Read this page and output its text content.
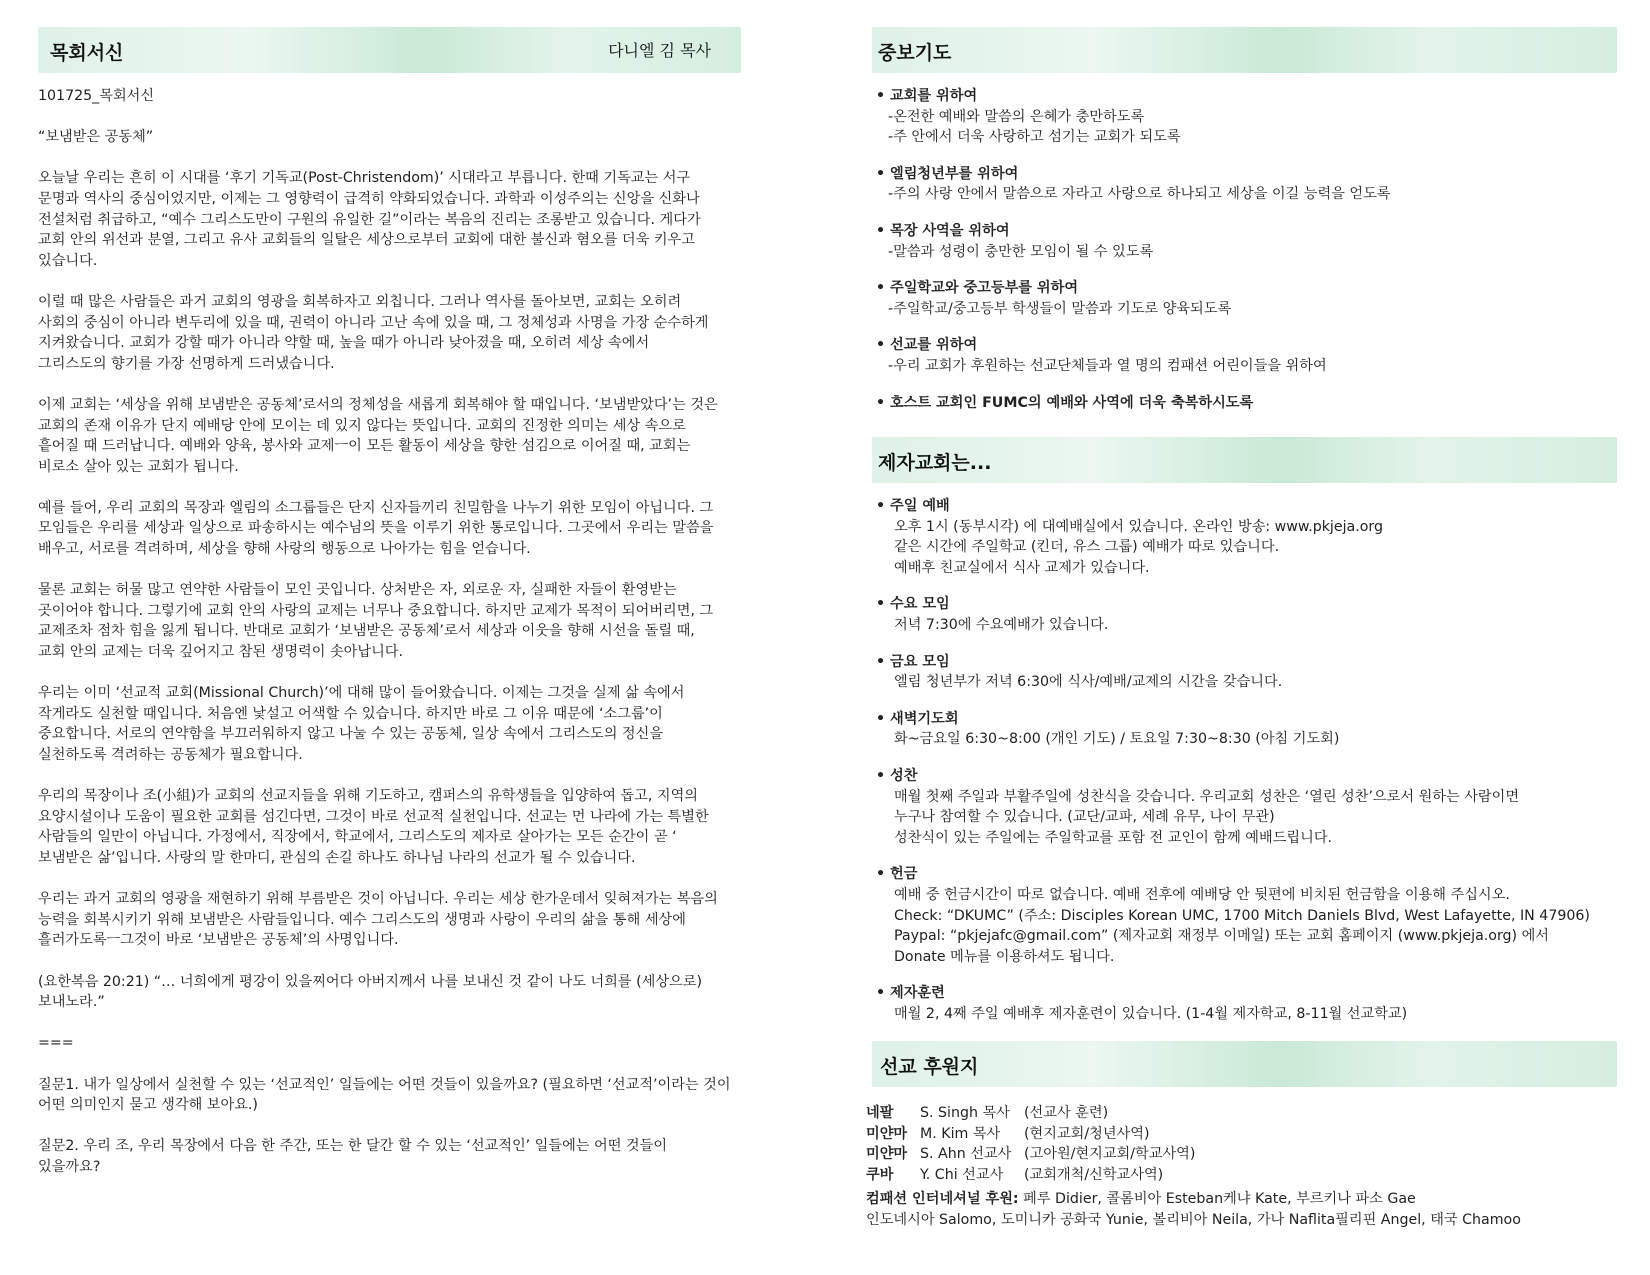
목회서신	다니엘 김 목사

101725_목회서신

“보냄받은 공동체”

오늘날 우리는 흔히 이 시대를 ‘후기 기독교(Post-Christendom)’ 시대라고 부릅니다. 한때 기독교는 서구
문명과 역사의 중심이었지만, 이제는 그 영향력이 급격히 약화되었습니다. 과학과 이성주의는 신앙을 신화나
전설처럼 취급하고, “예수 그리스도만이 구원의 유일한 길”이라는 복음의 진리는 조롱받고 있습니다. 게다가
교회 안의 위선과 분열, 그리고 유사 교회들의 일탈은 세상으로부터 교회에 대한 불신과 혐오를 더욱 키우고
있습니다.

이럴 때 많은 사람들은 과거 교회의 영광을 회복하자고 외칩니다. 그러나 역사를 돌아보면, 교회는 오히려
사회의 중심이 아니라 변두리에 있을 때, 권력이 아니라 고난 속에 있을 때, 그 정체성과 사명을 가장 순수하게
지켜왔습니다. 교회가 강할 때가 아니라 약할 때, 높을 때가 아니라 낮아졌을 때, 오히려 세상 속에서
그리스도의 향기를 가장 선명하게 드러냈습니다.

이제 교회는 ‘세상을 위해 보냄받은 공동체’로서의 정체성을 새롭게 회복해야 할 때입니다. ‘보냄받았다’는 것은
교회의 존재 이유가 단지 예배당 안에 모이는 데 있지 않다는 뜻입니다. 교회의 진정한 의미는 세상 속으로
흩어질 때 드러납니다. 예배와 양육, 봉사와 교제ㅡ이 모든 활동이 세상을 향한 섬김으로 이어질 때, 교회는
비로소 살아 있는 교회가 됩니다.

예를 들어, 우리 교회의 목장과 엘림의 소그룹들은 단지 신자들끼리 친밀함을 나누기 위한 모임이 아닙니다. 그
모임들은 우리를 세상과 일상으로 파송하시는 예수님의 뜻을 이루기 위한 통로입니다. 그곳에서 우리는 말씀을
배우고, 서로를 격려하며, 세상을 향해 사랑의 행동으로 나아가는 힘을 얻습니다.

물론 교회는 허물 많고 연약한 사람들이 모인 곳입니다. 상처받은 자, 외로운 자, 실패한 자들이 환영받는
곳이어야 합니다. 그렇기에 교회 안의 사랑의 교제는 너무나 중요합니다. 하지만 교제가 목적이 되어버리면, 그
교제조차 점차 힘을 잃게 됩니다. 반대로 교회가 ‘보냄받은 공동체’로서 세상과 이웃을 향해 시선을 돌릴 때,
교회 안의 교제는 더욱 깊어지고 참된 생명력이 솟아납니다.

우리는 이미 ‘선교적 교회(Missional Church)’에 대해 많이 들어왔습니다. 이제는 그것을 실제 삶 속에서
작게라도 실천할 때입니다. 처음엔 낯설고 어색할 수 있습니다. 하지만 바로 그 이유 때문에 ‘소그룹’이
중요합니다. 서로의 연약함을 부끄러워하지 않고 나눌 수 있는 공동체, 일상 속에서 그리스도의 정신을
실천하도록 격려하는 공동체가 필요합니다.

우리의 목장이나 조(小組)가 교회의 선교지들을 위해 기도하고, 캠퍼스의 유학생들을 입양하여 돕고, 지역의
요양시설이나 도움이 필요한 교회를 섬긴다면, 그것이 바로 선교적 실천입니다. 선교는 먼 나라에 가는 특별한
사람들의 일만이 아닙니다. 가정에서, 직장에서, 학교에서, 그리스도의 제자로 살아가는 모든 순간이 곧 ‘
보냄받은 삶’입니다. 사랑의 말 한마디, 관심의 손길 하나도 하나님 나라의 선교가 될 수 있습니다.

우리는 과거 교회의 영광을 재현하기 위해 부름받은 것이 아닙니다. 우리는 세상 한가운데서 잊혀져가는 복음의
능력을 회복시키기 위해 보냄받은 사람들입니다. 예수 그리스도의 생명과 사랑이 우리의 삶을 통해 세상에
흘러가도록ㅡ그것이 바로 ‘보냄받은 공동체’의 사명입니다.

(요한복음 20:21) “… 너희에게 평강이 있을찌어다 아버지께서 나를 보내신 것 같이 나도 너희를 (세상으로)
보내노라.”

===

질문1. 내가 일상에서 실천할 수 있는 ‘선교적인’ 일들에는 어떤 것들이 있을까요? (필요하면 ‘선교적’이라는 것이
어떤 의미인지 묻고 생각해 보아요.)

질문2. 우리 조, 우리 목장에서 다음 한 주간, 또는 한 달간 할 수 있는 ‘선교적인’ 일들에는 어떤 것들이
있을까요?

중보기도
• 교회를 위하여
-온전한 예배와 말씀의 은혜가 충만하도록
-주 안에서 더욱 사랑하고 섬기는 교회가 되도록
• 엘림청년부를 위하여
-주의 사랑 안에서 말씀으로 자라고 사랑으로 하나되고 세상을 이길 능력을 얻도록
• 목장 사역을 위하여
-말씀과 성령이 충만한 모임이 될 수 있도록
• 주일학교와 중고등부를 위하여
-주일학교/중고등부 학생들이 말씀과 기도로 양육되도록
• 선교를 위하여
-우리 교회가 후원하는 선교단체들과 열 명의 컴패션 어린이들을 위하여
• 호스트 교회인 FUMC의 예배와 사역에 더욱 축복하시도록
제자교회는...
• 주일 예배
오후 1시 (동부시각) 에 대예배실에서 있습니다. 온라인 방송: www.pkjeja.org
같은 시간에 주일학교 (킨더, 유스 그룹) 예배가 따로 있습니다.
예배후 친교실에서 식사 교제가 있습니다.
• 수요 모임
저녁 7:30에 수요예배가 있습니다.
• 금요 모임
엘림 청년부가 저녁 6:30에 식사/예배/교제의 시간을 갖습니다.
• 새벽기도회
화~금요일 6:30~8:00 (개인 기도) / 토요일 7:30~8:30 (아침 기도회)
• 성찬
매월 첫째 주일과 부활주일에 성찬식을 갖습니다. 우리교회 성찬은 ‘열린 성찬’으로서 원하는 사람이면
누구나 참여할 수 있습니다. (교단/교파, 세례 유무, 나이 무관)
성찬식이 있는 주일에는 주일학교를 포함 전 교인이 함께 예배드립니다.
• 헌금
예배 중 헌금시간이 따로 없습니다. 예배 전후에 예배당 안 뒷편에 비치된 헌금함을 이용해 주십시오.
Check: “DKUMC” (주소: Disciples Korean UMC, 1700 Mitch Daniels Blvd, West Lafayette, IN 47906)
Paypal: “pkjejafc@gmail.com” (제자교회 재정부 이메일) 또는 교회 홈페이지 (www.pkjeja.org) 에서
Donate 메뉴를 이용하셔도 됩니다.
• 제자훈련
매월 2, 4째 주일 예배후 제자훈련이 있습니다. (1-4월 제자학교, 8-11월 선교학교)
선교 후원지
네팔	S. Singh 목사 (선교사 훈련)
미얀마 M. Kim 목사	(현지교회/청년사역)
미얀마 S. Ahn 선교사 (고아원/현지교회/학교사역)
쿠바	Y. Chi 선교사	(교회개척/신학교사역)
컴패션 인터네셔널 후원: 페루 Didier, 콜롬비아 Esteban케냐 Kate, 부르키나 파소 Gae
인도네시아 Salomo, 도미니카 공화국 Yunie, 볼리비아 Neila, 가나 Naflita필리핀 Angel, 태국 Chamoo
